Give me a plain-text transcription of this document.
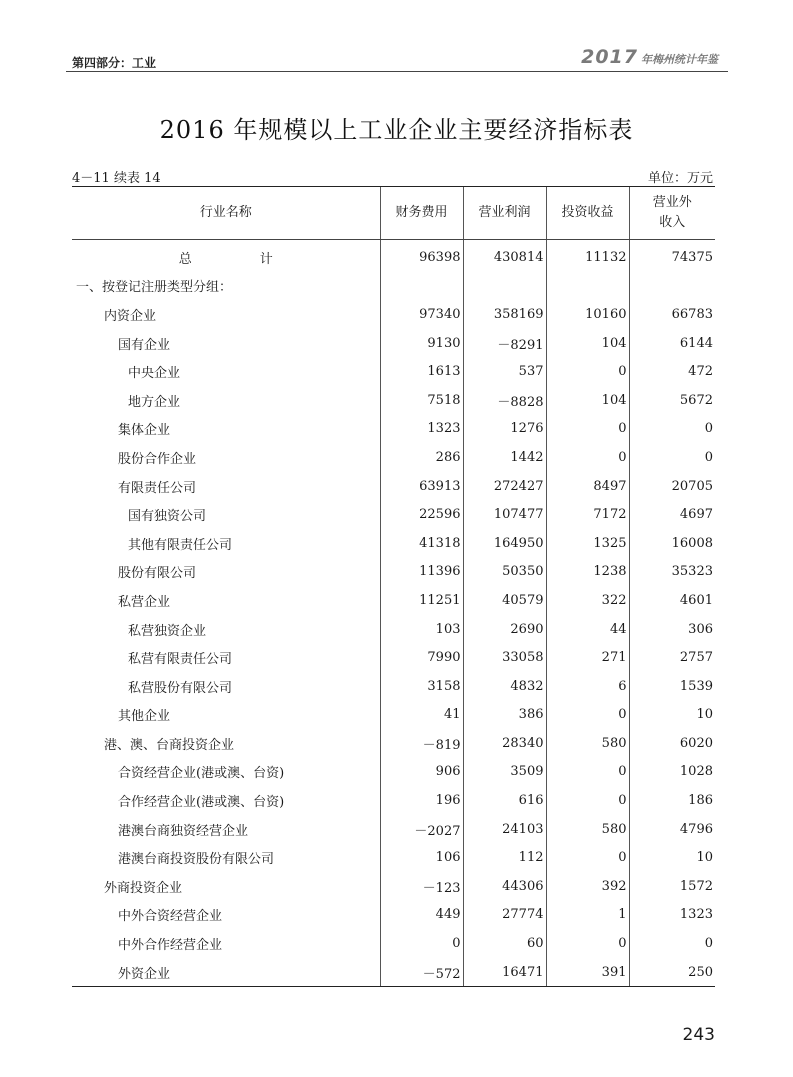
第四部分：工业	2017 年梅州统计年鉴
2016 年规模以上工业企业主要经济指标表
4－11 续表 14	单位：万元
行业名称	财务费用	营业利润	投资收益	营业外
收入

总　　计	96398	430814	11132	74375
一、按登记注册类型分组：				
内资企业	97340	358169	10160	66783
国有企业	9130	－8291	104	6144
中央企业	1613	537	0	472
地方企业	7518	－8828	104	5672
集体企业	1323	1276	0	0
股份合作企业	286	1442	0	0
有限责任公司	63913	272427	8497	20705
国有独资公司	22596	107477	7172	4697
其他有限责任公司	41318	164950	1325	16008
股份有限公司	11396	50350	1238	35323
私营企业	11251	40579	322	4601
私营独资企业	103	2690	44	306
私营有限责任公司	7990	33058	271	2757
私营股份有限公司	3158	4832	6	1539
其他企业	41	386	0	10
港、澳、台商投资企业	－819	28340	580	6020
合资经营企业(港或澳、台资)	906	3509	0	1028
合作经营企业(港或澳、台资)	196	616	0	186
港澳台商独资经营企业	－2027	24103	580	4796
港澳台商投资股份有限公司	106	112	0	10
外商投资企业	－123	44306	392	1572
中外合资经营企业	449	27774	1	1323
中外合作经营企业	0	60	0	0
外资企业	－572	16471	391	250
243
